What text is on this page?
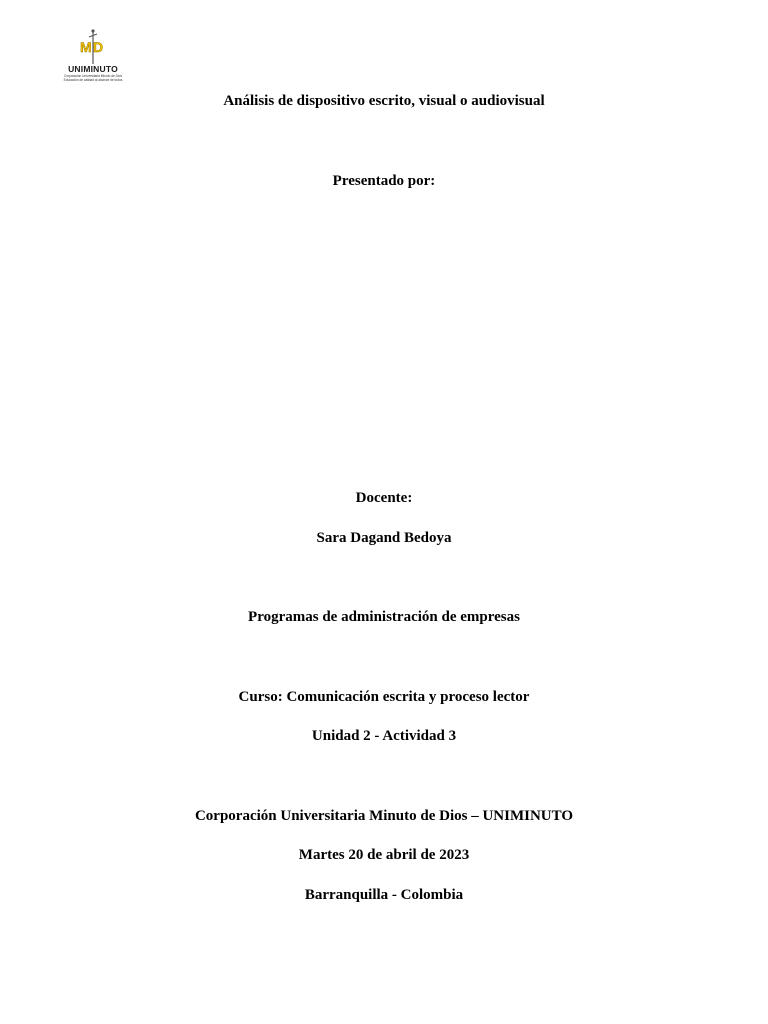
M D
UNIMINUTO
Corporación Universitaria Minuto de Dios
Educación de calidad al alcance de todos
Análisis de dispositivo escrito, visual o audiovisual
Presentado por:
Docente:
Sara Dagand Bedoya
Programas de administración de empresas
Curso: Comunicación escrita y proceso lector
Unidad 2 - Actividad 3
Corporación Universitaria Minuto de Dios – UNIMINUTO
Martes 20 de abril de 2023
Barranquilla - Colombia
